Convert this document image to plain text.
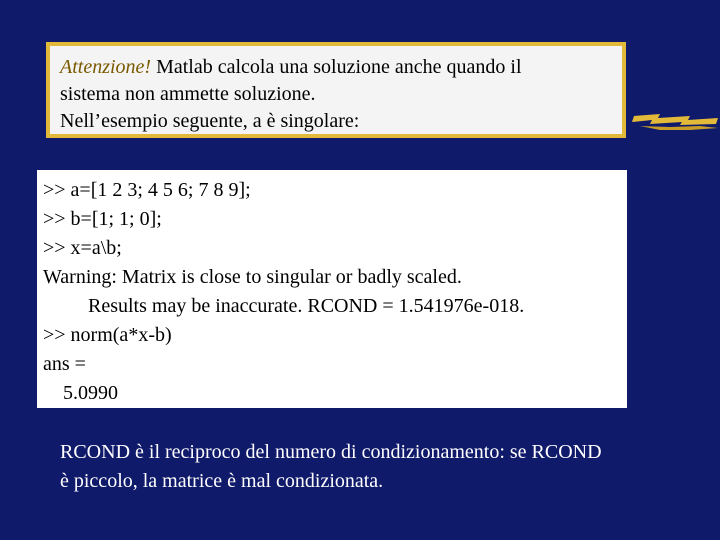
Attenzione! Matlab calcola una soluzione anche quando il
sistema non ammette soluzione.
Nell’esempio seguente, a è singolare:
>> a=[1 2 3; 4 5 6; 7 8 9];
>> b=[1; 1; 0];
>> x=a\b;
Warning: Matrix is close to singular or badly scaled.
Results may be inaccurate. RCOND = 1.541976e-018.
>> norm(a*x-b)
ans =
5.0990
RCOND è il reciproco del numero di condizionamento: se RCOND
è piccolo, la matrice è mal condizionata.
